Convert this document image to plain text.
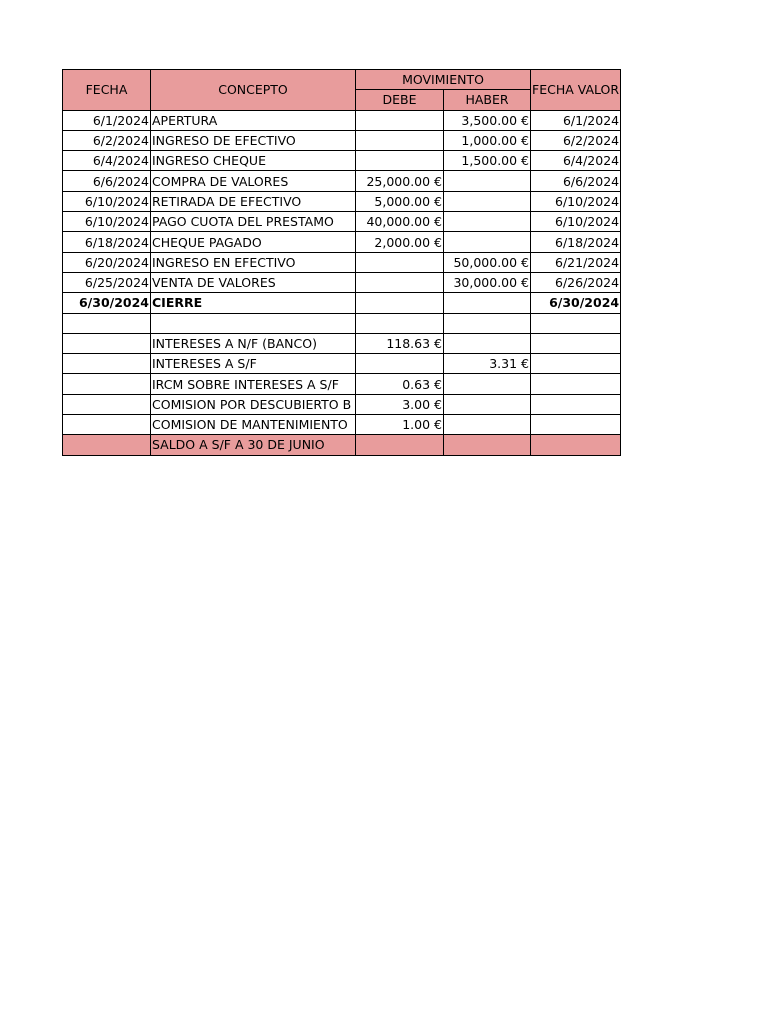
FECHA	CONCEPTO	MOVIMIENTO		FECHA VALOR
		DEBE	HABER	
6/1/2024	APERTURA		3,500.00 €	6/1/2024
6/2/2024	INGRESO DE EFECTIVO		1,000.00 €	6/2/2024
6/4/2024	INGRESO CHEQUE		1,500.00 €	6/4/2024
6/6/2024	COMPRA DE VALORES	25,000.00 €		6/6/2024
6/10/2024	RETIRADA DE EFECTIVO	5,000.00 €		6/10/2024
6/10/2024	PAGO CUOTA DEL PRESTAMO	40,000.00 €		6/10/2024
6/18/2024	CHEQUE PAGADO	2,000.00 €		6/18/2024
6/20/2024	INGRESO EN EFECTIVO		50,000.00 €	6/21/2024
6/25/2024	VENTA DE VALORES		30,000.00 €	6/26/2024
6/30/2024	CIERRE			6/30/2024

	INTERESES A N/F (BANCO)	118.63 €		
	INTERESES A S/F		3.31 €	
	IRCM SOBRE INTERESES A S/F	0.63 €		
	COMISION POR DESCUBIERTO B	3.00 €		
	COMISION DE MANTENIMIENTO	1.00 €		
	SALDO A S/F A 30 DE JUNIO			
